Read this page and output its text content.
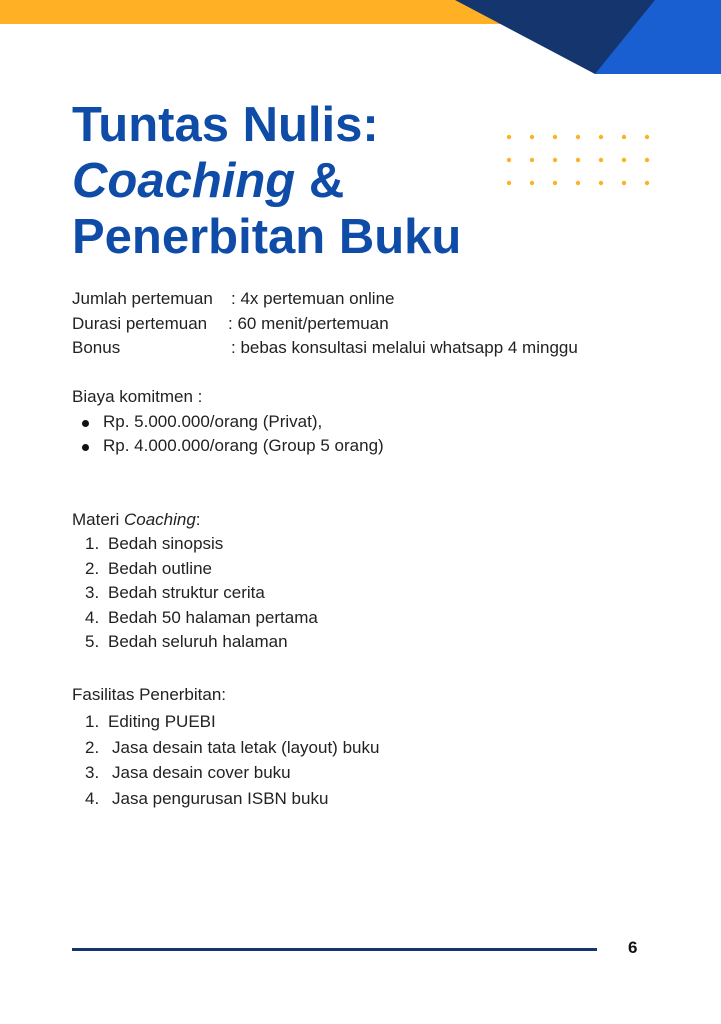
Tuntas Nulis:
Coaching &
Penerbitan Buku
Jumlah pertemuan : 4x pertemuan online
Durasi pertemuan : 60 menit/pertemuan
Bonus	: bebas konsultasi melalui whatsapp 4 minggu
Biaya komitmen :
Rp. 5.000.000/orang (Privat),
Rp. 4.000.000/orang (Group 5 orang)
Materi Coaching:
1. Bedah sinopsis
2. Bedah outline
3. Bedah struktur cerita
4. Bedah 50 halaman pertama
5. Bedah seluruh halaman
Fasilitas Penerbitan:
1. Editing PUEBI
2. Jasa desain tata letak (layout) buku
3. Jasa desain cover buku
4. Jasa pengurusan ISBN buku
6
